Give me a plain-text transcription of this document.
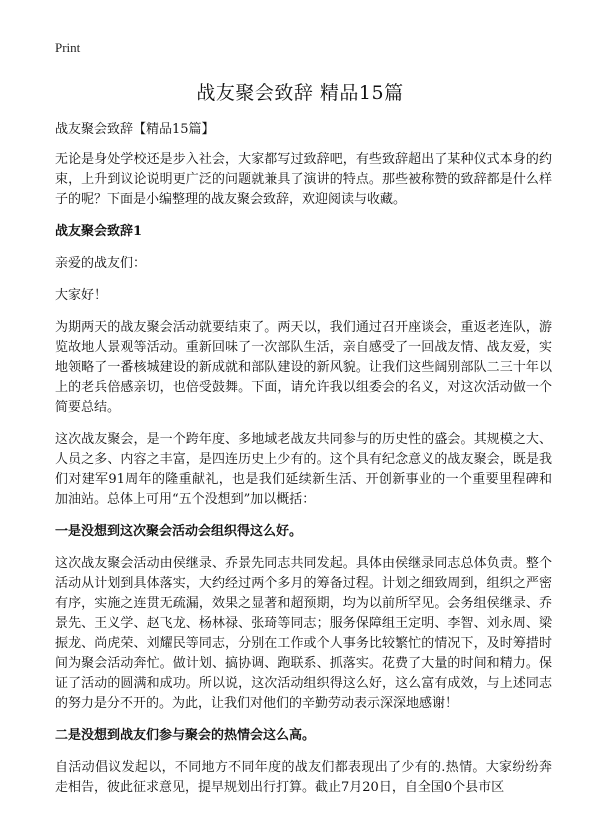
Print
战友聚会致辞 精品15篇
战友聚会致辞【精品15篇】

无论是身处学校还是步入社会，大家都写过致辞吧，有些致辞超出了某种仪式本身的约束，上升到议论说明更广泛的问题就兼具了演讲的特点。那些被称赞的致辞都是什么样子的呢？下面是小编整理的战友聚会致辞，欢迎阅读与收藏。

战友聚会致辞1

亲爱的战友们：

大家好！

为期两天的战友聚会活动就要结束了。两天以，我们通过召开座谈会，重返老连队，游览故地人景观等活动。重新回味了一次部队生活，亲自感受了一回战友情、战友爱，实地领略了一番核城建设的新成就和部队建设的新风貌。让我们这些阔别部队二三十年以上的老兵倍感亲切，也倍受鼓舞。下面，请允许我以组委会的名义，对这次活动做一个简要总结。

这次战友聚会，是一个跨年度、多地域老战友共同参与的历史性的盛会。其规模之大、人员之多、内容之丰富，是四连历史上少有的。这个具有纪念意义的战友聚会，既是我们对建军91周年的隆重献礼，也是我们延续新生活、开创新事业的一个重要里程碑和加油站。总体上可用“五个没想到”加以概括：

一是没想到这次聚会活动会组织得这么好。

这次战友聚会活动由侯继录、乔景先同志共同发起。具体由侯继录同志总体负责。整个活动从计划到具体落实，大约经过两个多月的筹备过程。计划之细致周到，组织之严密有序，实施之连贯无疏漏，效果之显著和超预期，均为以前所罕见。会务组侯继录、乔景先、王义学、赵飞龙、杨林禄、张琦等同志；服务保障组王定明、李智、刘永周、梁振龙、尚虎荣、刘耀民等同志，分别在工作或个人事务比较繁忙的情况下，及时筹措时间为聚会活动奔忙。做计划、搞协调、跑联系、抓落实。花费了大量的时间和精力。保证了活动的圆满和成功。所以说，这次活动组织得这么好，这么富有成效，与上述同志的努力是分不开的。为此，让我们对他们的辛勤劳动表示深深地感谢！

二是没想到战友们参与聚会的热情会这么高。

自活动倡议发起以，不同地方不同年度的战友们都表现出了少有的.热情。大家纷纷奔走相告，彼此征求意见，提早规划出行打算。截止7月20日，自全国0个县市区
